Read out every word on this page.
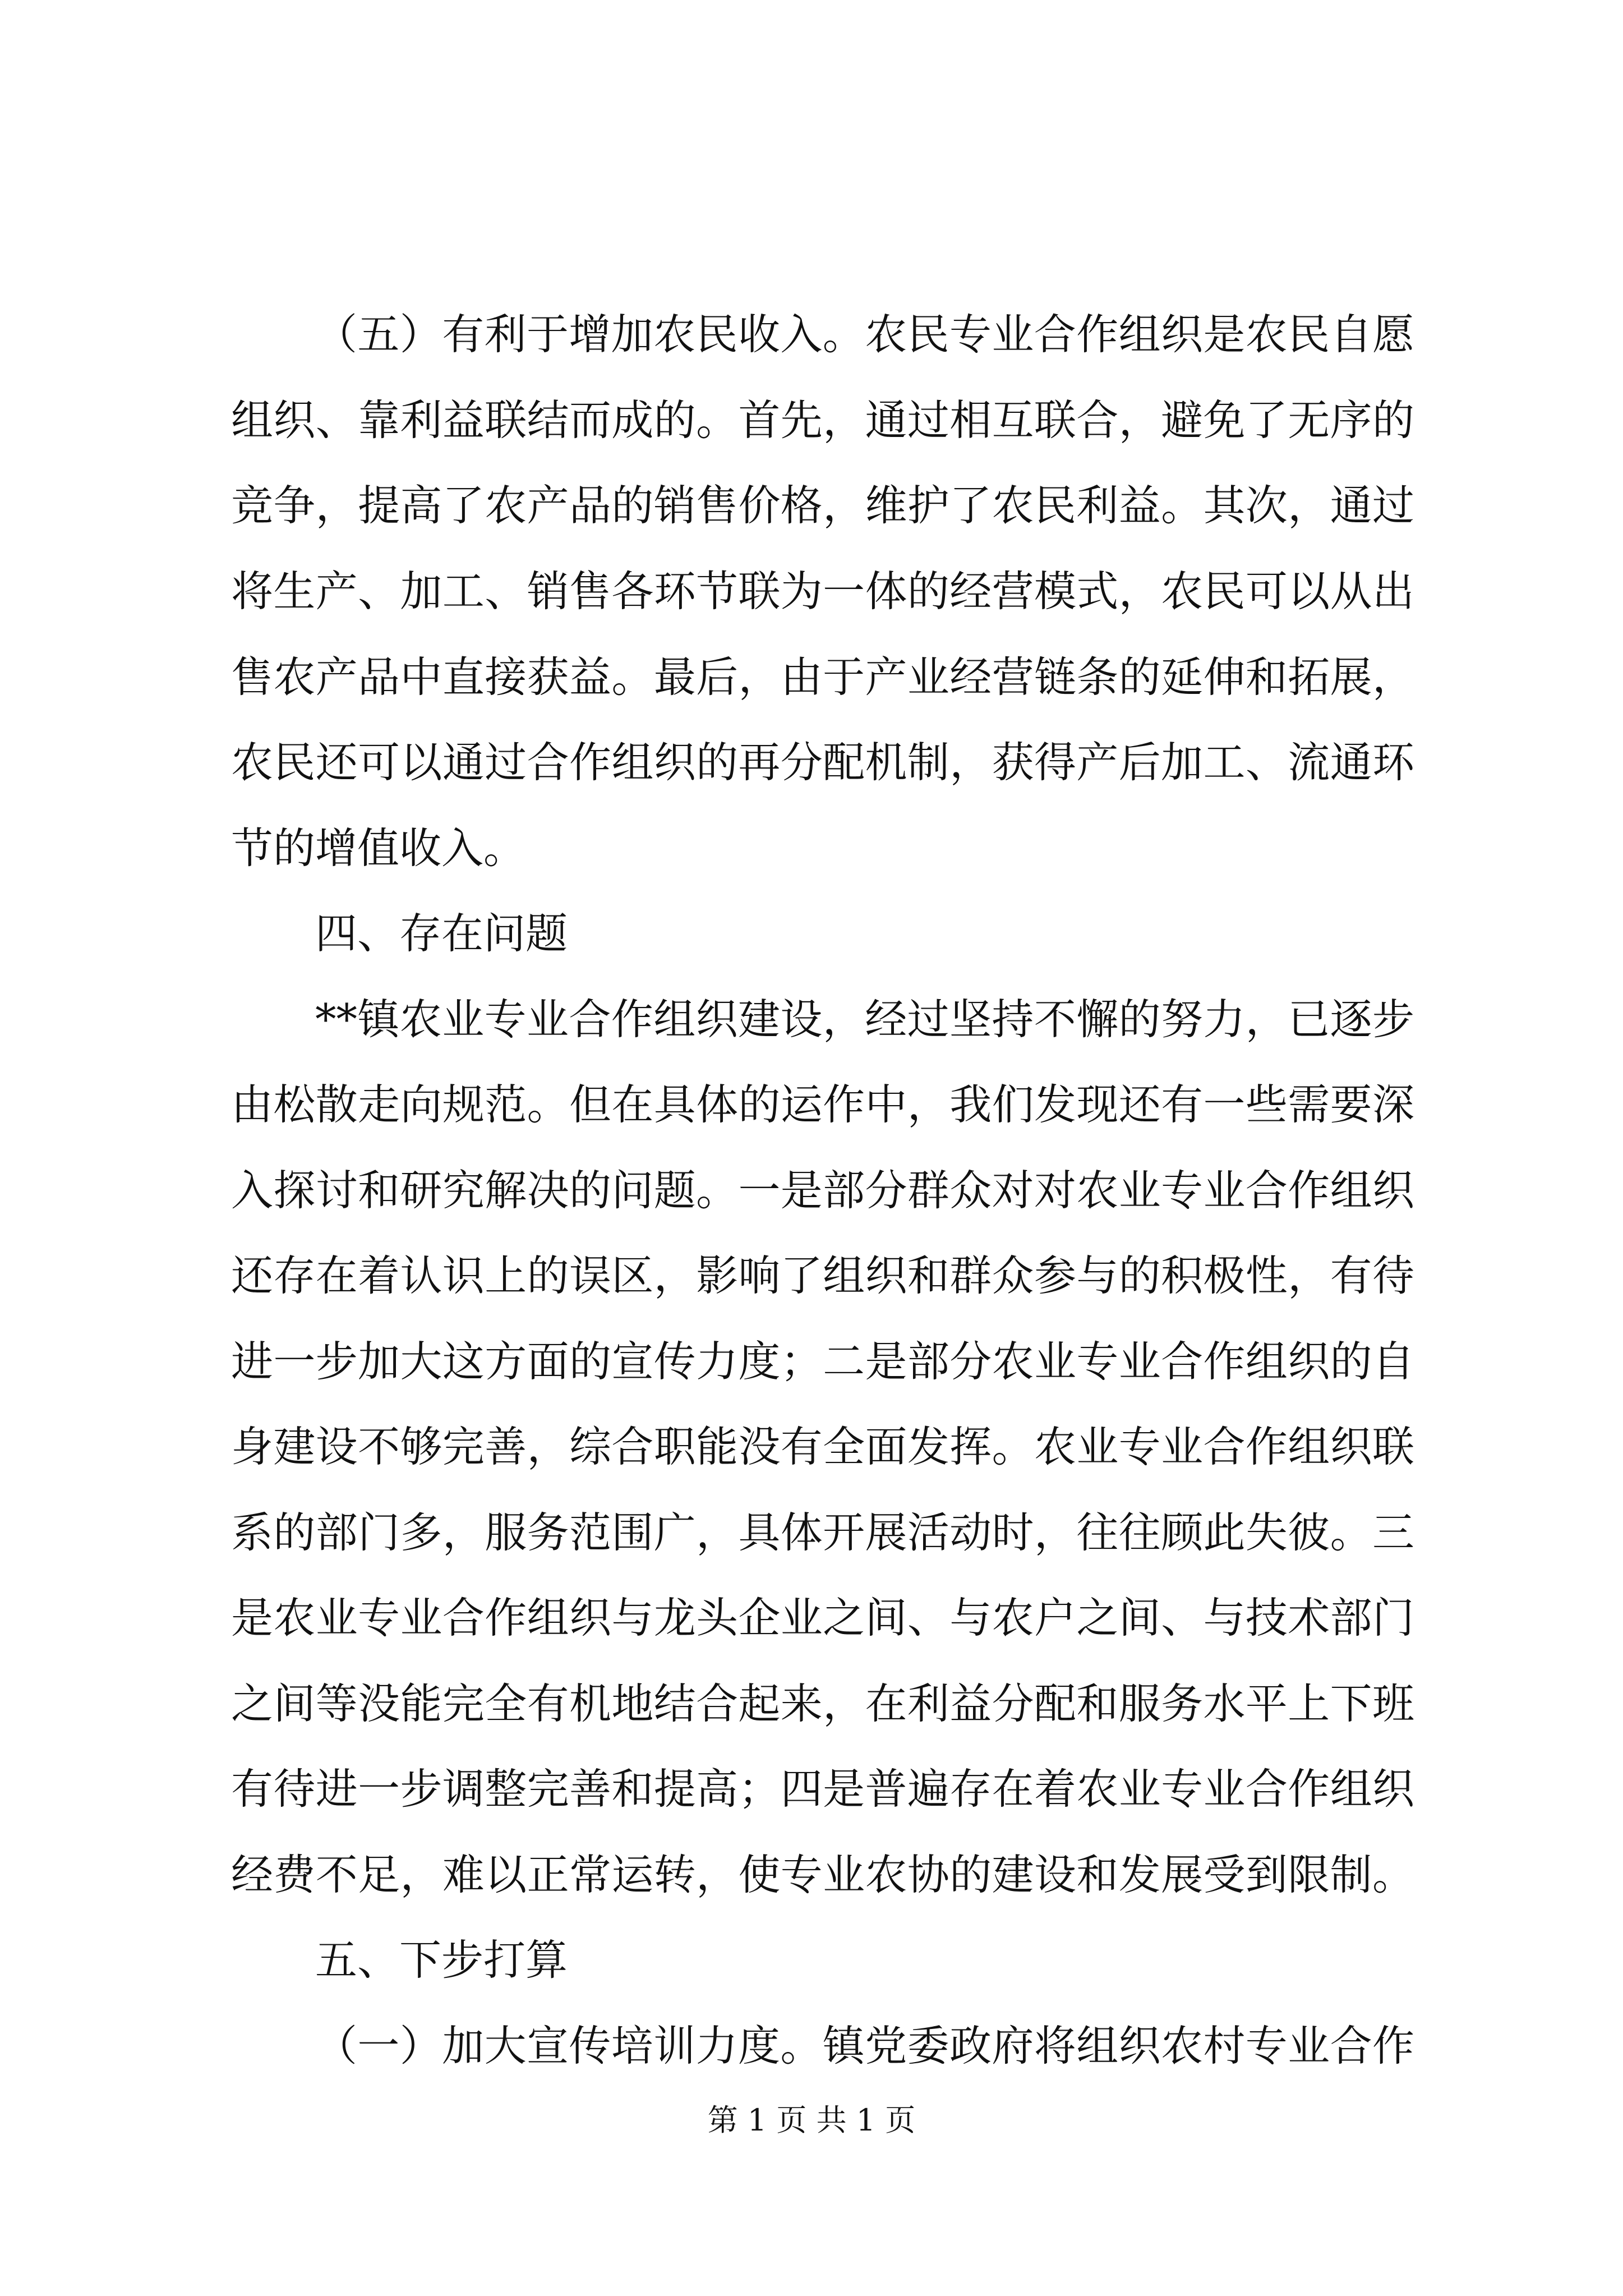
（五）有利于增加农民收入。农民专业合作组织是农民自愿
组织、靠利益联结而成的。首先，通过相互联合，避免了无序的
竞争，提高了农产品的销售价格，维护了农民利益。其次，通过
将生产、加工、销售各环节联为一体的经营模式，农民可以从出
售农产品中直接获益。最后，由于产业经营链条的延伸和拓展，
农民还可以通过合作组织的再分配机制，获得产后加工、流通环
节的增值收入。
四、存在问题
**镇农业专业合作组织建设，经过坚持不懈的努力，已逐步
由松散走向规范。但在具体的运作中，我们发现还有一些需要深
入探讨和研究解决的问题。一是部分群众对对农业专业合作组织
还存在着认识上的误区，影响了组织和群众参与的积极性，有待
进一步加大这方面的宣传力度；二是部分农业专业合作组织的自
身建设不够完善，综合职能没有全面发挥。农业专业合作组织联
系的部门多，服务范围广，具体开展活动时，往往顾此失彼。三
是农业专业合作组织与龙头企业之间、与农户之间、与技术部门
之间等没能完全有机地结合起来，在利益分配和服务水平上下班
有待进一步调整完善和提高；四是普遍存在着农业专业合作组织
经费不足，难以正常运转，使专业农协的建设和发展受到限制。
五、下步打算
（一）加大宣传培训力度。镇党委政府将组织农村专业合作
第 1 页 共 1 页
